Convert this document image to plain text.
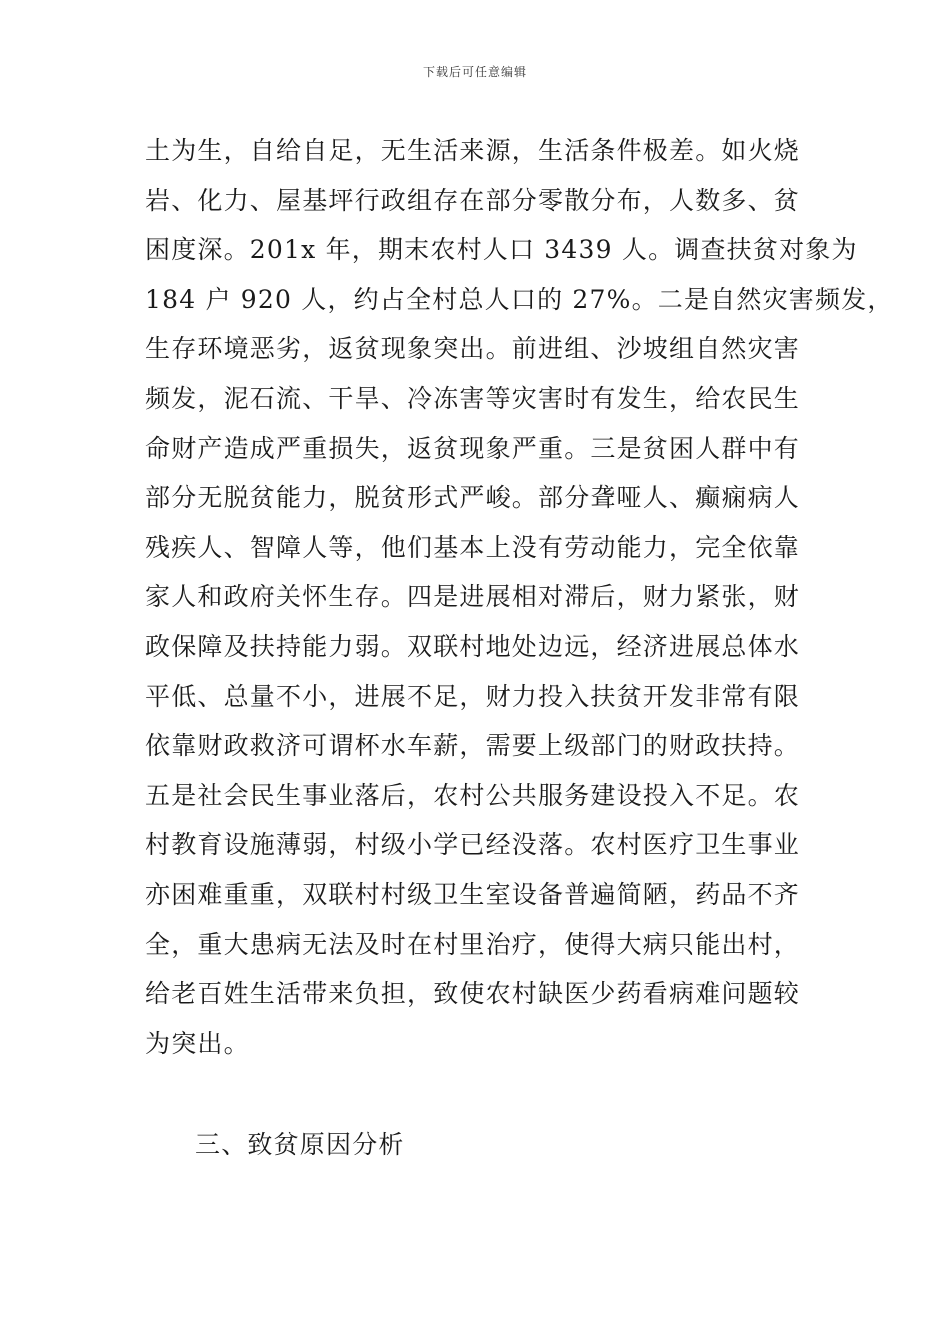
下载后可任意编辑
土为生，自给自足，无生活来源，生活条件极差。如火烧
岩、化力、屋基坪行政组存在部分零散分布，人数多、贫
困度深。201x 年，期末农村人口 3439 人。调查扶贫对象为
184 户 920 人，约占全村总人口的 27%。二是自然灾害频发，
生存环境恶劣，返贫现象突出。前进组、沙坡组自然灾害
频发，泥石流、干旱、冷冻害等灾害时有发生，给农民生
命财产造成严重损失，返贫现象严重。三是贫困人群中有
部分无脱贫能力，脱贫形式严峻。部分聋哑人、癫痫病人
残疾人、智障人等，他们基本上没有劳动能力，完全依靠
家人和政府关怀生存。四是进展相对滞后，财力紧张，财
政保障及扶持能力弱。双联村地处边远，经济进展总体水
平低、总量不小，进展不足，财力投入扶贫开发非常有限
依靠财政救济可谓杯水车薪，需要上级部门的财政扶持。
五是社会民生事业落后，农村公共服务建设投入不足。农
村教育设施薄弱，村级小学已经没落。农村医疗卫生事业
亦困难重重，双联村村级卫生室设备普遍简陋，药品不齐
全，重大患病无法及时在村里治疗，使得大病只能出村，
给老百姓生活带来负担，致使农村缺医少药看病难问题较
为突出。
三、致贫原因分析
